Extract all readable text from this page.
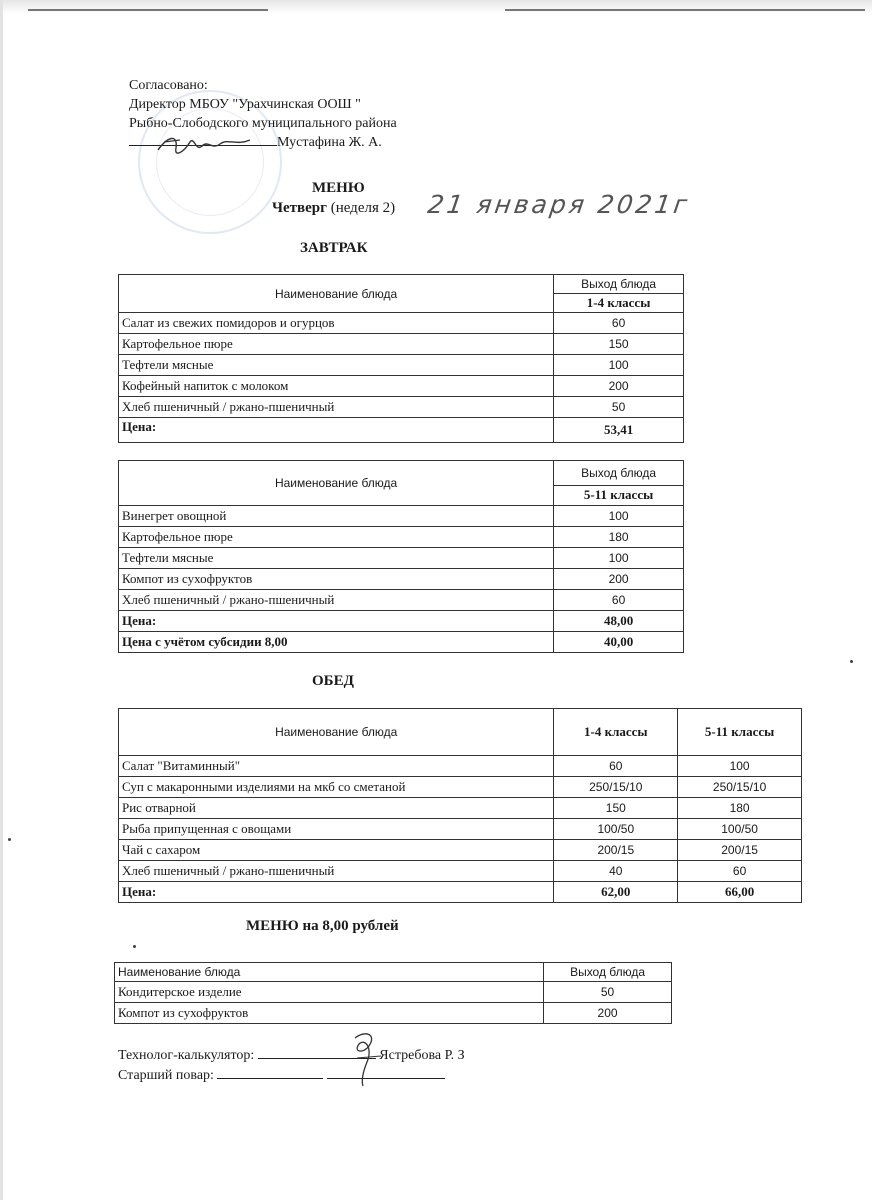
Согласовано:
Директор МБОУ "Урахчинская ООШ "
Рыбно-Слободского муниципального района
Мустафина Ж. А.
МЕНЮ
Четверг (неделя 2) 21 января 2021г
ЗАВТРАК
Наименование блюда	Выход блюда
	1-4 классы
Салат из свежих помидоров и огурцов	60
Картофельное пюре	150
Тефтели мясные	100
Кофейный напиток с молоком	200
Хлеб пшеничный / ржано-пшеничный	50
Цена:	53,41
Наименование блюда	Выход блюда
	5-11 классы
Винегрет овощной	100
Картофельное пюре	180
Тефтели мясные	100
Компот из сухофруктов	200
Хлеб пшеничный / ржано-пшеничный	60
Цена:	48,00
Цена с учётом субсидии 8,00	40,00
ОБЕД
Наименование блюда	1-4 классы	5-11 классы
Салат "Витаминный"	60	100
Суп с макаронными изделиями на мкб со сметаной	250/15/10	250/15/10
Рис отварной	150	180
Рыба припущенная с овощами	100/50	100/50
Чай с сахаром	200/15	200/15
Хлеб пшеничный / ржано-пшеничный	40	60
Цена:	62,00	66,00
МЕНЮ на 8,00 рублей
Наименование блюда	Выход блюда
Кондитерское изделие	50
Компот из сухофруктов	200
Технолог-калькулятор:	Ястребова Р. З
Старший повар:
